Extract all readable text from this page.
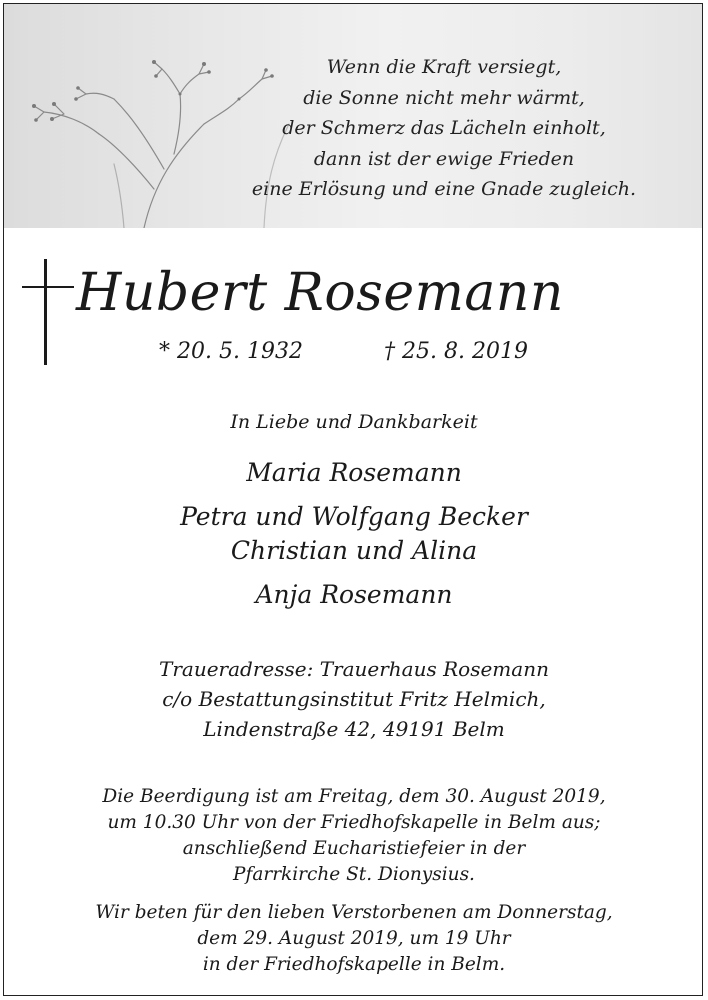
Wenn die Kraft versiegt,
die Sonne nicht mehr wärmt,
der Schmerz das Lächeln einholt,
dann ist der ewige Frieden
eine Erlösung und eine Gnade zugleich.
Hubert Rosemann
* 20. 5. 1932	† 25. 8. 2019
In Liebe und Dankbarkeit
Maria Rosemann
Petra und Wolfgang Becker
Christian und Alina
Anja Rosemann
Traueradresse: Trauerhaus Rosemann
c/o Bestattungsinstitut Fritz Helmich,
Lindenstraße 42, 49191 Belm
Die Beerdigung ist am Freitag, dem 30. August 2019,
um 10.30 Uhr von der Friedhofskapelle in Belm aus;
anschließend Eucharistiefeier in der
Pfarrkirche St. Dionysius.
Wir beten für den lieben Verstorbenen am Donnerstag,
dem 29. August 2019, um 19 Uhr
in der Friedhofskapelle in Belm.
